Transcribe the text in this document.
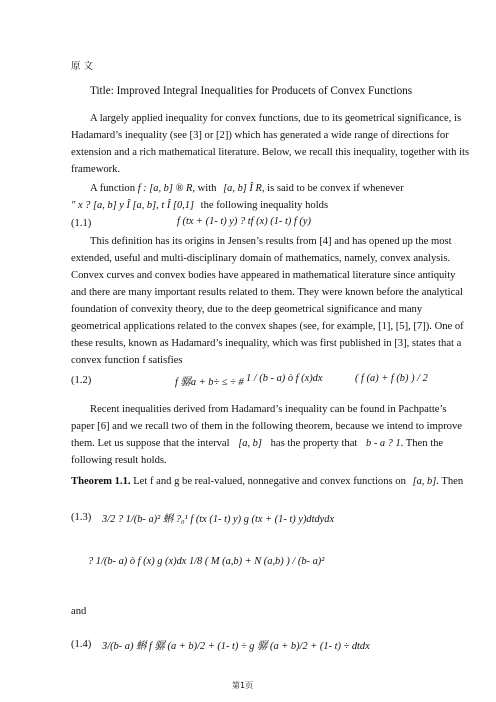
原 文
Title: Improved Integral Inequalities for Producets of Convex Functions
A largely applied inequality for convex functions, due to its geometrical significance, is
Hadamard’s inequality (see [3] or [2]) which has generated a wide range of directions for
extension and a rich mathematical literature. Below, we recall this inequality, together with its
framework.
A function f : [a, b] ® R, with [a, b] Î R, is said to be convex if whenever
" x ? [a, b] y Î [a, b], t Î [0,1] the following inequality holds
(1.1)	f (tx + (1- t) y) ? tf (x) (1- t) f (y)
This definition has its origins in Jensen’s results from [4] and has opened up the most
extended, useful and multi-disciplinary domain of mathematics, namely, convex analysis.
Convex curves and convex bodies have appeared in mathematical literature since antiquity
and there are many important results related to them. They were known before the analytical
foundation of convexity theory, due to the deep geometrical significance and many
geometrical applications related to the convex shapes (see, for example, [1], [5], [7]). One of
these results, known as Hadamard’s inequality, which was first published in [3], states that a
convex function f satisfies
(1.2)	f 骣a + b÷ ≤ ÷ # 1 / (b - a) ò f (x)dx	( f (a) + f (b) ) / 2
Recent inequalities derived from Hadamard’s inequality can be found in Pachpatte’s
paper [6] and we recall two of them in the following theorem, because we intend to improve
them. Let us suppose that the interval [a, b] has the property that b - a ? 1. Then the
following result holds.
Theorem 1.1. Let f and g be real-valued, nonnegative and convex functions on [a, b]. Then
(1.3) 3/2 ? 1/(b- a)² 蝌 ?₀¹ f (tx (1- t) y) g (tx + (1- t) y)dtdydx
? 1/(b- a) ò f (x) g (x)dx 1/8 ( M (a,b) + N (a,b) ) / (b- a)²
and
(1.4) 3/(b- a) 蝌 f 骣 (a + b)/2 + (1- t) ÷ g 骣 (a + b)/2 + (1- t) ÷ dtdx
第1页
